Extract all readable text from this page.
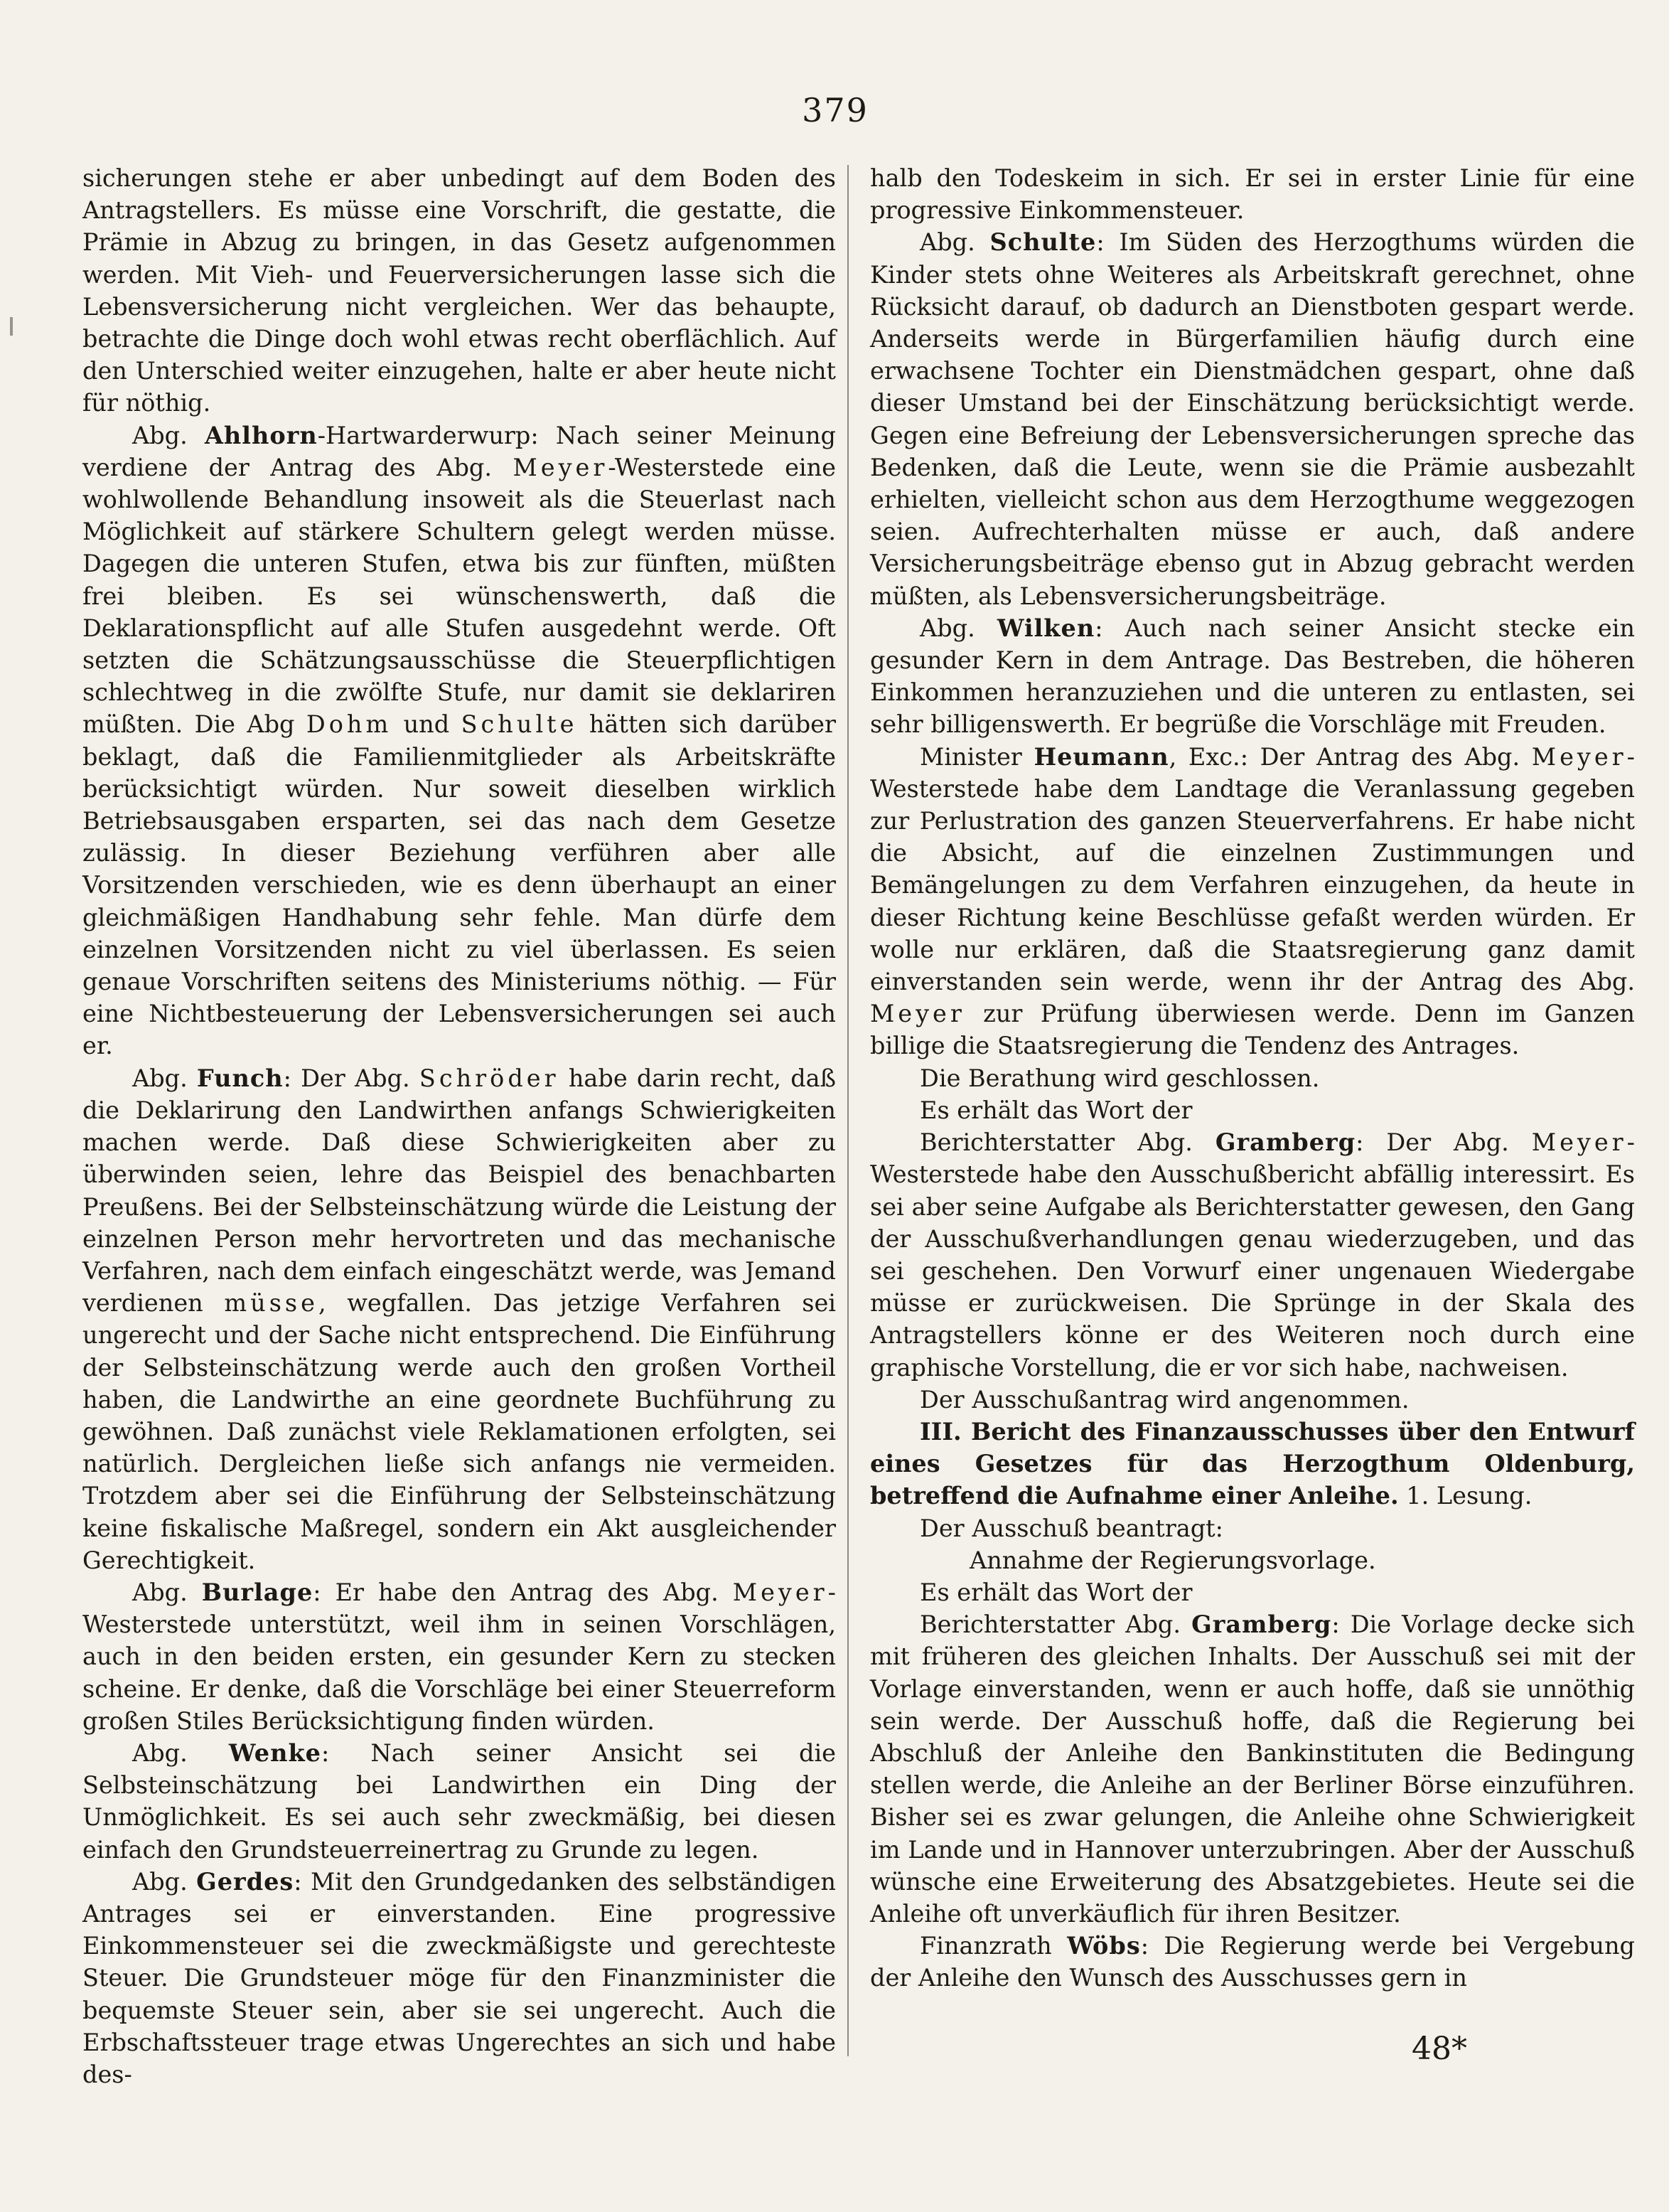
379

sicherungen stehe er aber unbedingt auf dem Boden des Antragstellers. Es müsse eine Vorschrift, die gestatte, die Prämie in Abzug zu bringen, in das Gesetz aufgenommen werden. Mit Vieh- und Feuerversicherungen lasse sich die Lebensversicherung nicht vergleichen. Wer das behaupte, betrachte die Dinge doch wohl etwas recht oberflächlich. Auf den Unterschied weiter einzugehen, halte er aber heute nicht für nöthig.

Abg. Ahlhorn-Hartwarderwurp: Nach seiner Meinung verdiene der Antrag des Abg. Meyer-Westerstede eine wohlwollende Behandlung insoweit als die Steuerlast nach Möglichkeit auf stärkere Schultern gelegt werden müsse. Dagegen die unteren Stufen, etwa bis zur fünften, müßten frei bleiben. Es sei wünschenswerth, daß die Deklarationspflicht auf alle Stufen ausgedehnt werde. Oft setzten die Schätzungsausschüsse die Steuerpflichtigen schlechtweg in die zwölfte Stufe, nur damit sie deklariren müßten. Die Abg Dohm und Schulte hätten sich darüber beklagt, daß die Familienmitglieder als Arbeitskräfte berücksichtigt würden. Nur soweit dieselben wirklich Betriebsausgaben ersparten, sei das nach dem Gesetze zulässig. In dieser Beziehung verführen aber alle Vorsitzenden verschieden, wie es denn überhaupt an einer gleichmäßigen Handhabung sehr fehle. Man dürfe dem einzelnen Vorsitzenden nicht zu viel überlassen. Es seien genaue Vorschriften seitens des Ministeriums nöthig. — Für eine Nichtbesteuerung der Lebensversicherungen sei auch er.

Abg. Funch: Der Abg. Schröder habe darin recht, daß die Deklarirung den Landwirthen anfangs Schwierigkeiten machen werde. Daß diese Schwierigkeiten aber zu überwinden seien, lehre das Beispiel des benachbarten Preußens. Bei der Selbsteinschätzung würde die Leistung der einzelnen Person mehr hervortreten und das mechanische Verfahren, nach dem einfach eingeschätzt werde, was Jemand verdienen müsse, wegfallen. Das jetzige Verfahren sei ungerecht und der Sache nicht entsprechend. Die Einführung der Selbsteinschätzung werde auch den großen Vortheil haben, die Landwirthe an eine geordnete Buchführung zu gewöhnen. Daß zunächst viele Reklamationen erfolgten, sei natürlich. Dergleichen ließe sich anfangs nie vermeiden. Trotzdem aber sei die Einführung der Selbsteinschätzung keine fiskalische Maßregel, sondern ein Akt ausgleichender Gerechtigkeit.

Abg. Burlage: Er habe den Antrag des Abg. Meyer-Westerstede unterstützt, weil ihm in seinen Vorschlägen, auch in den beiden ersten, ein gesunder Kern zu stecken scheine. Er denke, daß die Vorschläge bei einer Steuerreform großen Stiles Berücksichtigung finden würden.

Abg. Wenke: Nach seiner Ansicht sei die Selbsteinschätzung bei Landwirthen ein Ding der Unmöglichkeit. Es sei auch sehr zweckmäßig, bei diesen einfach den Grundsteuerreinertrag zu Grunde zu legen.

Abg. Gerdes: Mit den Grundgedanken des selbständigen Antrages sei er einverstanden. Eine progressive Einkommensteuer sei die zweckmäßigste und gerechteste Steuer. Die Grundsteuer möge für den Finanzminister die bequemste Steuer sein, aber sie sei ungerecht. Auch die Erbschaftssteuer trage etwas Ungerechtes an sich und habe des-

halb den Todeskeim in sich. Er sei in erster Linie für eine progressive Einkommensteuer.

Abg. Schulte: Im Süden des Herzogthums würden die Kinder stets ohne Weiteres als Arbeitskraft gerechnet, ohne Rücksicht darauf, ob dadurch an Dienstboten gespart werde. Anderseits werde in Bürgerfamilien häufig durch eine erwachsene Tochter ein Dienstmädchen gespart, ohne daß dieser Umstand bei der Einschätzung berücksichtigt werde. Gegen eine Befreiung der Lebensversicherungen spreche das Bedenken, daß die Leute, wenn sie die Prämie ausbezahlt erhielten, vielleicht schon aus dem Herzogthume weggezogen seien. Aufrechterhalten müsse er auch, daß andere Versicherungsbeiträge ebenso gut in Abzug gebracht werden müßten, als Lebensversicherungsbeiträge.

Abg. Wilken: Auch nach seiner Ansicht stecke ein gesunder Kern in dem Antrage. Das Bestreben, die höheren Einkommen heranzuziehen und die unteren zu entlasten, sei sehr billigenswerth. Er begrüße die Vorschläge mit Freuden.

Minister Heumann, Exc.: Der Antrag des Abg. Meyer-Westerstede habe dem Landtage die Veranlassung gegeben zur Perlustration des ganzen Steuerverfahrens. Er habe nicht die Absicht, auf die einzelnen Zustimmungen und Bemängelungen zu dem Verfahren einzugehen, da heute in dieser Richtung keine Beschlüsse gefaßt werden würden. Er wolle nur erklären, daß die Staatsregierung ganz damit einverstanden sein werde, wenn ihr der Antrag des Abg. Meyer zur Prüfung überwiesen werde. Denn im Ganzen billige die Staatsregierung die Tendenz des Antrages.

Die Berathung wird geschlossen.

Es erhält das Wort der

Berichterstatter Abg. Gramberg: Der Abg. Meyer-Westerstede habe den Ausschußbericht abfällig interessirt. Es sei aber seine Aufgabe als Berichterstatter gewesen, den Gang der Ausschußverhandlungen genau wiederzugeben, und das sei geschehen. Den Vorwurf einer ungenauen Wiedergabe müsse er zurückweisen. Die Sprünge in der Skala des Antragstellers könne er des Weiteren noch durch eine graphische Vorstellung, die er vor sich habe, nachweisen.

Der Ausschußantrag wird angenommen.

III. Bericht des Finanzausschusses über den Entwurf eines Gesetzes für das Herzogthum Oldenburg, betreffend die Aufnahme einer Anleihe. 1. Lesung.

Der Ausschuß beantragt:

Annahme der Regierungsvorlage.

Es erhält das Wort der

Berichterstatter Abg. Gramberg: Die Vorlage decke sich mit früheren des gleichen Inhalts. Der Ausschuß sei mit der Vorlage einverstanden, wenn er auch hoffe, daß sie unnöthig sein werde. Der Ausschuß hoffe, daß die Regierung bei Abschluß der Anleihe den Bankinstituten die Bedingung stellen werde, die Anleihe an der Berliner Börse einzuführen. Bisher sei es zwar gelungen, die Anleihe ohne Schwierigkeit im Lande und in Hannover unterzubringen. Aber der Ausschuß wünsche eine Erweiterung des Absatzgebietes. Heute sei die Anleihe oft unverkäuflich für ihren Besitzer.

Finanzrath Wöbs: Die Regierung werde bei Vergebung der Anleihe den Wunsch des Ausschusses gern in

48*
